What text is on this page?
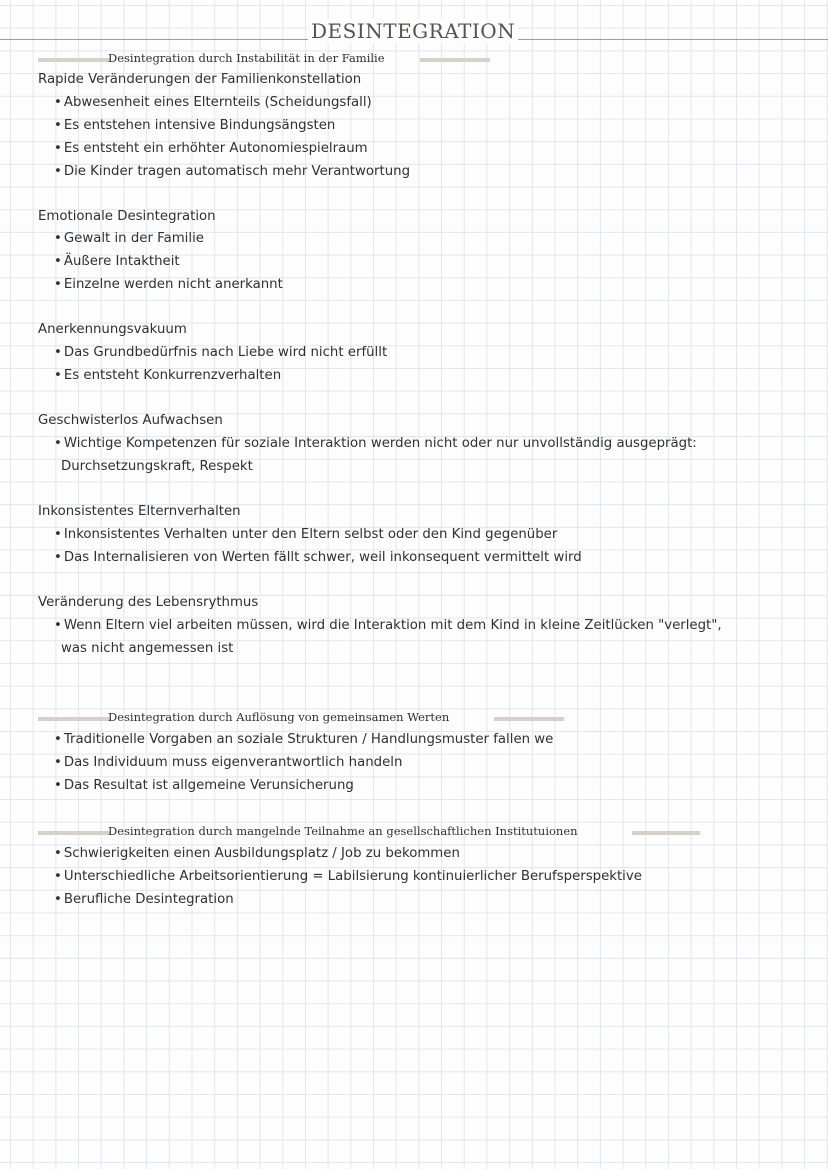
DESINTEGRATION
Desintegration durch Instabilität in der Familie
Rapide Veränderungen der Familienkonstellation
• Abwesenheit eines Elternteils (Scheidungsfall)
• Es entstehen intensive Bindungsängsten
• Es entsteht ein erhöhter Autonomiespielraum
• Die Kinder tragen automatisch mehr Verantwortung
Emotionale Desintegration
• Gewalt in der Familie
• Äußere Intaktheit
• Einzelne werden nicht anerkannt
Anerkennungsvakuum
• Das Grundbedürfnis nach Liebe wird nicht erfüllt
• Es entsteht Konkurrenzverhalten
Geschwisterlos Aufwachsen
• Wichtige Kompetenzen für soziale Interaktion werden nicht oder nur unvollständig ausgeprägt:
Durchsetzungskraft, Respekt
Inkonsistentes Elternverhalten
• Inkonsistentes Verhalten unter den Eltern selbst oder den Kind gegenüber
• Das Internalisieren von Werten fällt schwer, weil inkonsequent vermittelt wird
Veränderung des Lebensrythmus
• Wenn Eltern viel arbeiten müssen, wird die Interaktion mit dem Kind in kleine Zeitlücken "verlegt",
was nicht angemessen ist
Desintegration durch Auflösung von gemeinsamen Werten
• Traditionelle Vorgaben an soziale Strukturen / Handlungsmuster fallen we
• Das Individuum muss eigenverantwortlich handeln
• Das Resultat ist allgemeine Verunsicherung
Desintegration durch mangelnde Teilnahme an gesellschaftlichen Institutuionen
• Schwierigkeiten einen Ausbildungsplatz / Job zu bekommen
• Unterschiedliche Arbeitsorientierung = Labilsierung kontinuierlicher Berufsperspektive
• Berufliche Desintegration
